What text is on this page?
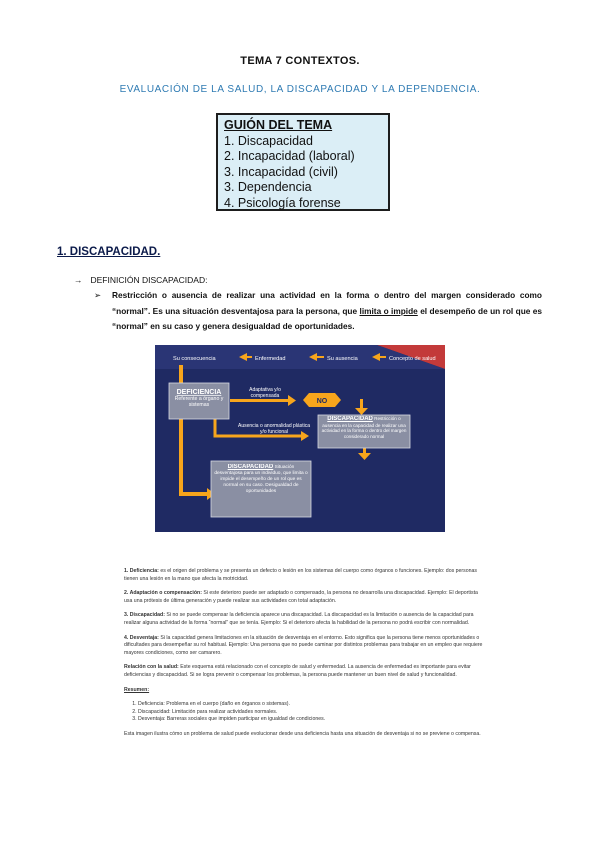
TEMA 7 CONTEXTOS.
EVALUACIÓN DE LA SALUD, LA DISCAPACIDAD Y LA DEPENDENCIA.
GUIÓN DEL TEMA
1. Discapacidad
2. Incapacidad (laboral)
3. Incapacidad (civil)
3. Dependencia
4. Psicología forense
1. DISCAPACIDAD.
→ DEFINICIÓN DISCAPACIDAD:
➢ Restricción o ausencia de realizar una actividad en la forma o dentro del margen considerado como “normal”. Es una situación desventajosa para la persona, que limita o impide el desempeño de un rol que es “normal” en su caso y genera desigualdad de oportunidades.

Su consecuencia	Enfermedad	Su ausencia	Concepto de salud
DEFICIENCIA
Referente a órgano y sistemas
Adaptativa y/o compensada
NO
Ausencia o anormalidad plástica y/o funcional
DISCAPACIDAD Restricción o ausencia en la capacidad de realizar una actividad en la forma o dentro del margen considerado normal
DISCAPACIDAD Situación desventajosa para un individuo, que limita o impide el desempeño de un rol que es normal en su caso. Desigualdad de oportunidades

1. Deficiencia: es el origen del problema y se presenta un defecto o lesión en los sistemas del cuerpo como órganos o funciones. Ejemplo: dos personas tienen una lesión en la mano que afecta la motricidad.

2. Adaptación o compensación: Si este deterioro puede ser adaptado o compensado, la persona no desarrolla una discapacidad. Ejemplo: El deportista usa una prótesis de última generación y puede realizar sus actividades con total adaptación.

3. Discapacidad: Si no se puede compensar la deficiencia aparece una discapacidad. La discapacidad es la limitación o ausencia de la capacidad para realizar alguna actividad de la forma “normal” que se tenía. Ejemplo: Si el deterioro afecta la habilidad de la persona no podrá escribir con normalidad.

4. Desventaja: Si la capacidad genera limitaciones en la situación de desventaja en el entorno. Esto significa que la persona tiene menos oportunidades o dificultades para desempeñar su rol habitual. Ejemplo: Una persona que no puede caminar por distintos problemas para trabajar en un empleo que requiere mayores condiciones, como ser camarero.

Relación con la salud: Este esquema está relacionado con el concepto de salud y enfermedad. La ausencia de enfermedad es importante para evitar deficiencias y discapacidad. Si se logra prevenir o compensar los problemas, la persona puede mantener un buen nivel de salud y funcionalidad.

Resumen:

1. Deficiencia: Problema en el cuerpo (daño en órganos o sistemas).
2. Discapacidad: Limitación para realizar actividades normales.
3. Desventaja: Barreras sociales que impiden participar en igualdad de condiciones.

Esta imagen ilustra cómo un problema de salud puede evolucionar desde una deficiencia hasta una situación de desventaja si no se previene o compensa.
